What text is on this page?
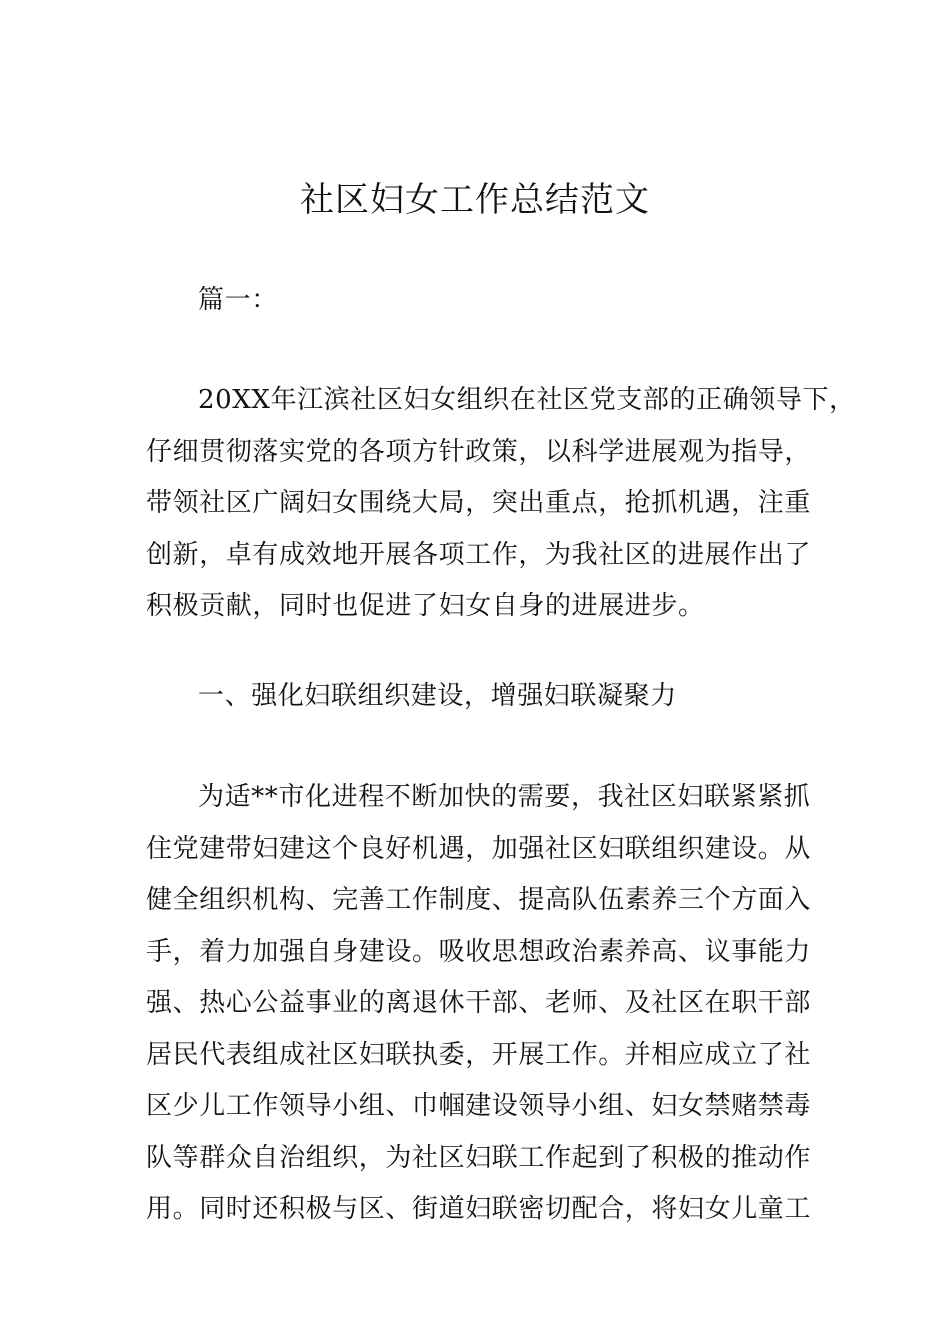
社区妇女工作总结范文

篇一：

20XX年江滨社区妇女组织在社区党支部的正确领导下，
仔细贯彻落实党的各项方针政策，以科学进展观为指导，
带领社区广阔妇女围绕大局，突出重点，抢抓机遇，注重
创新，卓有成效地开展各项工作，为我社区的进展作出了
积极贡献，同时也促进了妇女自身的进展进步。

一、强化妇联组织建设，增强妇联凝聚力

为适**市化进程不断加快的需要，我社区妇联紧紧抓
住党建带妇建这个良好机遇，加强社区妇联组织建设。从
健全组织机构、完善工作制度、提高队伍素养三个方面入
手，着力加强自身建设。吸收思想政治素养高、议事能力
强、热心公益事业的离退休干部、老师、及社区在职干部
居民代表组成社区妇联执委，开展工作。并相应成立了社
区少儿工作领导小组、巾帼建设领导小组、妇女禁赌禁毒
队等群众自治组织，为社区妇联工作起到了积极的推动作
用。同时还积极与区、街道妇联密切配合，将妇女儿童工
